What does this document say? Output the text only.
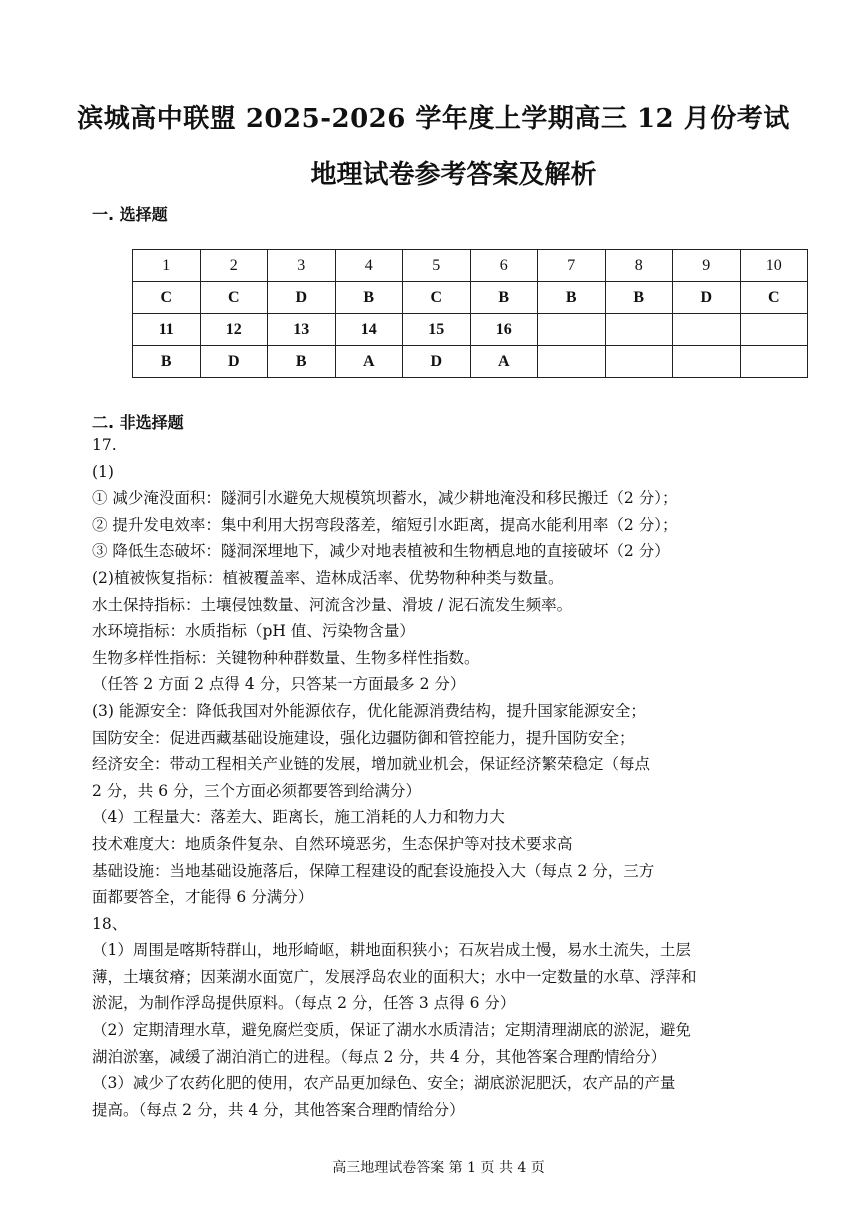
滨城高中联盟 2025-2026 学年度上学期高三 12 月份考试
地理试卷参考答案及解析
一. 选择题
1	2	3	4	5	6	7	8	9	10
C	C	D	B	C	B	B	B	D	C
11	12	13	14	15	16				
B	D	B	A	D	A				
二. 非选择题
17.
(1)
① 减少淹没面积：隧洞引水避免大规模筑坝蓄水，减少耕地淹没和移民搬迁（2 分）；
② 提升发电效率：集中利用大拐弯段落差，缩短引水距离，提高水能利用率（2 分）；
③ 降低生态破坏：隧洞深埋地下，减少对地表植被和生物栖息地的直接破坏（2 分）
(2)植被恢复指标：植被覆盖率、造林成活率、优势物种种类与数量。
水土保持指标：土壤侵蚀数量、河流含沙量、滑坡 / 泥石流发生频率。
水环境指标：水质指标（pH 值、污染物含量）
生物多样性指标：关键物种种群数量、生物多样性指数。
（任答 2 方面 2 点得 4 分，只答某一方面最多 2 分）
(3) 能源安全：降低我国对外能源依存，优化能源消费结构，提升国家能源安全；
国防安全：促进西藏基础设施建设，强化边疆防御和管控能力，提升国防安全；
经济安全：带动工程相关产业链的发展，增加就业机会，保证经济繁荣稳定（每点
2 分，共 6 分，三个方面必须都要答到给满分）
（4）工程量大：落差大、距离长，施工消耗的人力和物力大
技术难度大：地质条件复杂、自然环境恶劣，生态保护等对技术要求高
基础设施：当地基础设施落后，保障工程建设的配套设施投入大（每点 2 分，三方
面都要答全，才能得 6 分满分）
18、
（1）周围是喀斯特群山，地形崎岖，耕地面积狭小；石灰岩成土慢，易水土流失，土层
薄，土壤贫瘠；因莱湖水面宽广，发展浮岛农业的面积大；水中一定数量的水草、浮萍和
淤泥，为制作浮岛提供原料。（每点 2 分，任答 3 点得 6 分）
（2）定期清理水草，避免腐烂变质，保证了湖水水质清洁；定期清理湖底的淤泥，避免
湖泊淤塞，减缓了湖泊消亡的进程。（每点 2 分，共 4 分，其他答案合理酌情给分）
（3）减少了农药化肥的使用，农产品更加绿色、安全；湖底淤泥肥沃，农产品的产量
提高。（每点 2 分，共 4 分，其他答案合理酌情给分）
高三地理试卷答案 第 1 页 共 4 页
